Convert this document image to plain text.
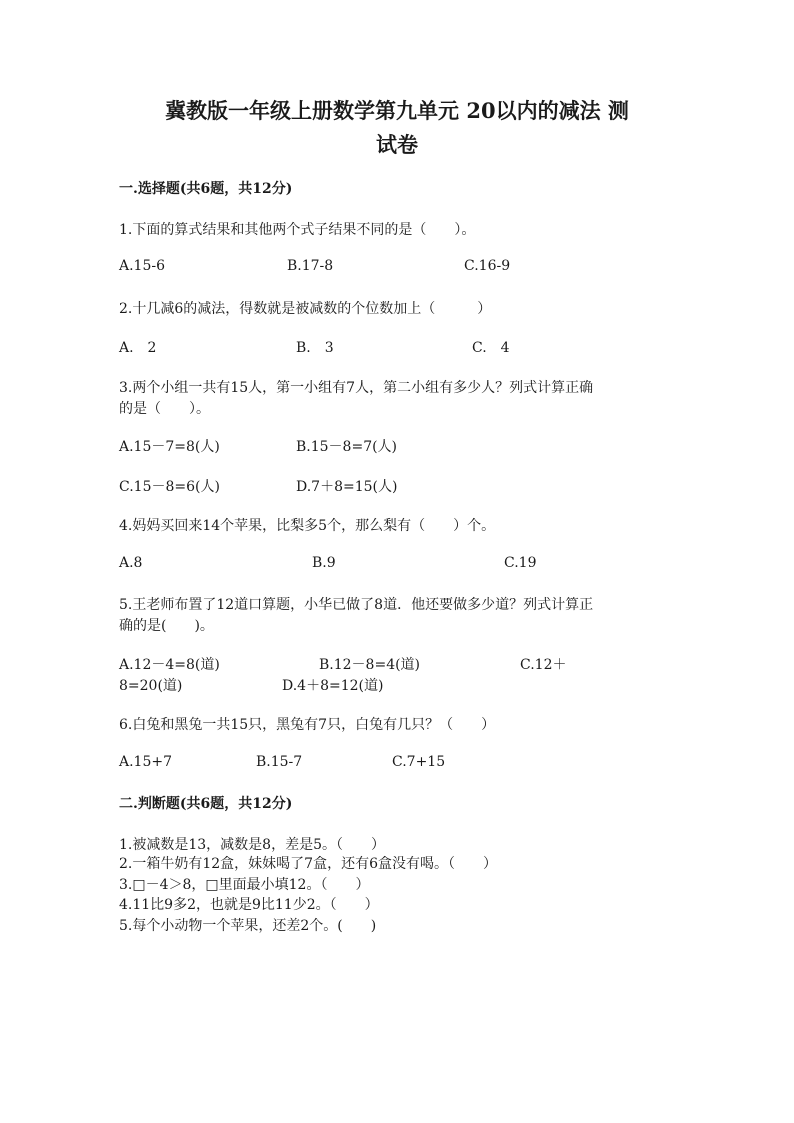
冀教版一年级上册数学第九单元 20以内的减法 测
试卷
一.选择题(共6题，共12分)
1.下面的算式结果和其他两个式子结果不同的是（　　）。
A.15-6	B.17-8	C.16-9
2.十几减6的减法，得数就是被减数的个位数加上（　　　）
A.　2	B.　3	C.　4
3.两个小组一共有15人，第一小组有7人，第二小组有多少人？列式计算正确
的是（　　）。
A.15－7=8(人)	B.15－8=7(人)
C.15－8=6(人)	D.7＋8=15(人)
4.妈妈买回来14个苹果，比梨多5个，那么梨有（　　）个。
A.8	B.9	C.19
5.王老师布置了12道口算题，小华已做了8道．他还要做多少道？列式计算正
确的是(　　)。
A.12－4=8(道)	B.12－8=4(道)	C.12＋
8=20(道)	D.4＋8=12(道)
6.白兔和黑兔一共15只，黑兔有7只，白兔有几只？（　　）
A.15+7	B.15-7	C.7+15
二.判断题(共6题，共12分)
1.被减数是13，减数是8，差是5。（　　）
2.一箱牛奶有12盒，妹妹喝了7盒，还有6盒没有喝。（　　）
3.□－4＞8，□里面最小填12。（　　）
4.11比9多2，也就是9比11少2。（　　）
5.每个小动物一个苹果，还差2个。(　　)
